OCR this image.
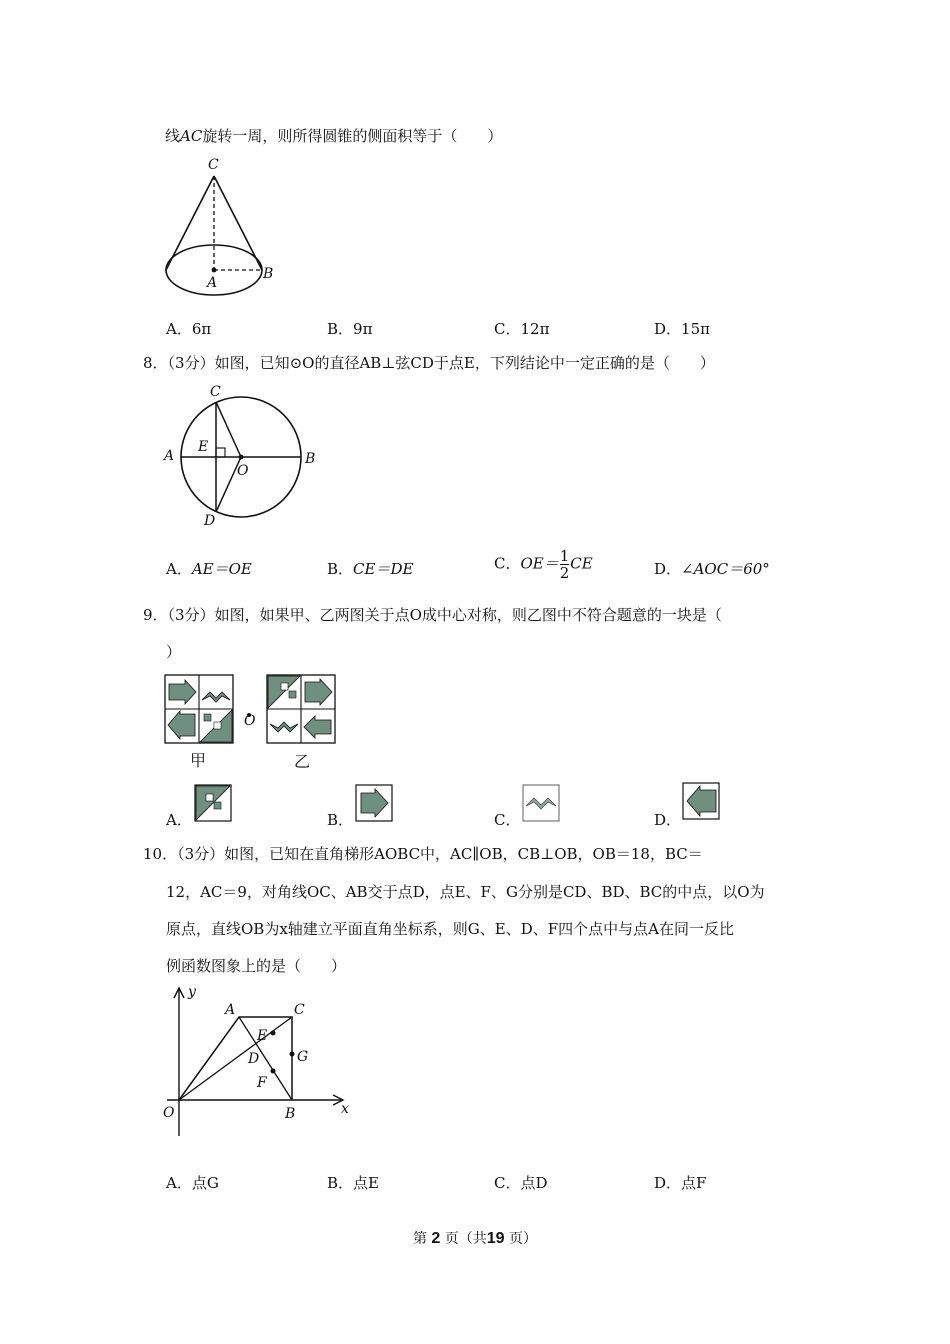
线AC旋转一周，则所得圆锥的侧面积等于（　　）
C
A
B
A．6π	B．9π	C．12π	D．15π
8．（3分）如图，已知⊙O的直径AB⊥弦CD于点E，下列结论中一定正确的是（　　）
C
E
A
O
B
D
A．AE＝OE	B．CE＝DE	C．$OE= \frac{1}{2}$ CE	D．∠AOC＝60°
9．（3分）如图，如果甲、乙两图关于点O成中心对称，则乙图中不符合题意的一块是（
）
O
甲	乙
A．	B．	C．	D．
10．（3分）如图，已知在直角梯形AOBC中，AC∥OB，CB⊥OB，OB＝18，BC＝
12，AC＝9，对角线OC、AB交于点D，点E、F、G分别是CD、BD、BC的中点，以O为
原点，直线OB为x轴建立平面直角坐标系，则G、E、D、F四个点中与点A在同一反比
例函数图象上的是（　　）
y
x
A	C
E
G
D
F
O	B
A．点G	B．点E	C．点D	D．点F
第 2 页（共19 页）
